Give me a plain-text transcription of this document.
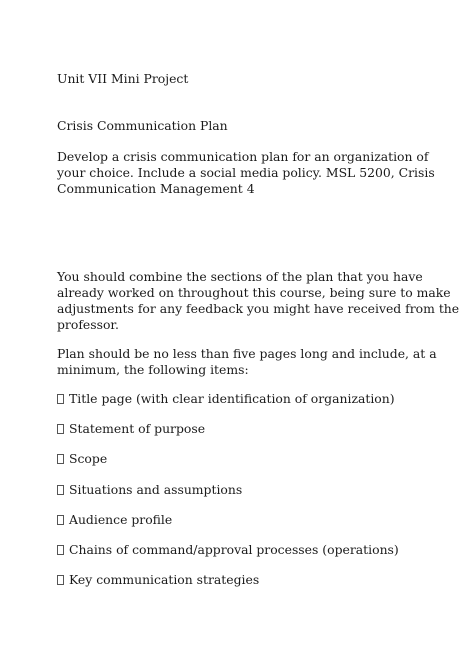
Unit VII Mini Project

Crisis Communication Plan

Develop a crisis communication plan for an organization of

your choice. Include a social media policy. MSL 5200, Crisis

Communication Management 4

You should combine the sections of the plan that you have

already worked on throughout this course, being sure to make

adjustments for any feedback you might have received from the

professor.

Plan should be no less than five pages long and include, at a

minimum, the following items:

Title page (with clear identification of organization)

Statement of purpose

Scope

Situations and assumptions

Audience profile

Chains of command/approval processes (operations)

Key communication strategies
